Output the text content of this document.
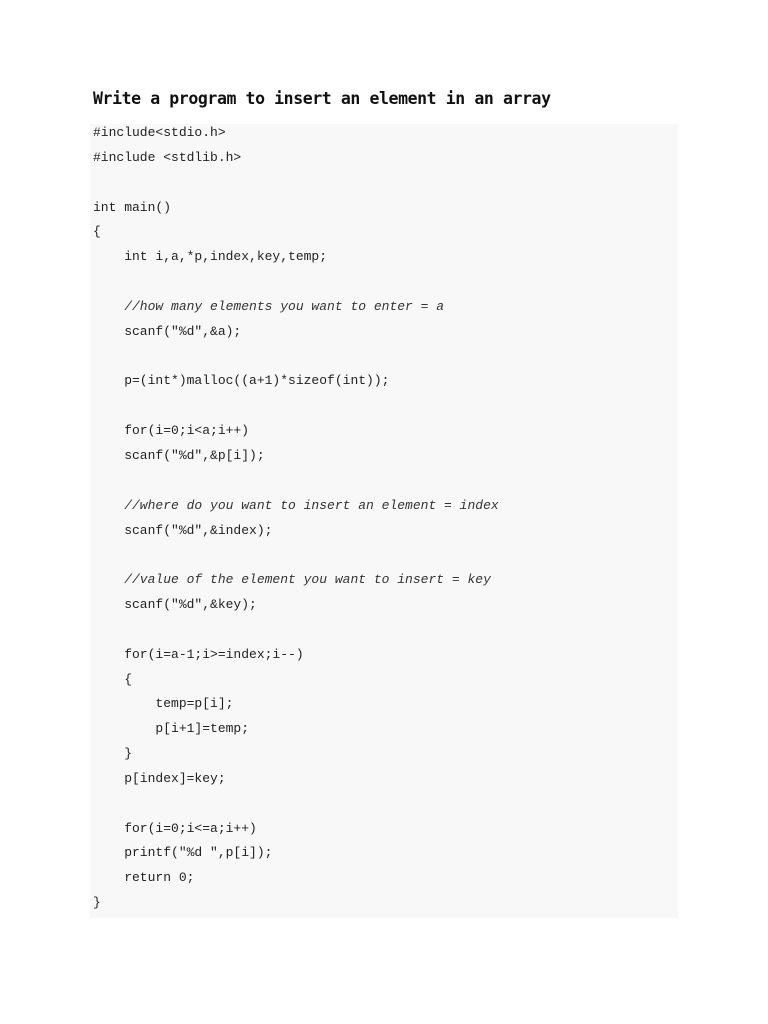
Write a program to insert an element in an array
#include<stdio.h>
#include <stdlib.h>
int main()
{
int i,a,*p,index,key,temp;
//how many elements you want to enter = a
scanf("%d",&a);
p=(int*)malloc((a+1)*sizeof(int));
for(i=0;i<a;i++)
scanf("%d",&p[i]);
//where do you want to insert an element = index
scanf("%d",&index);
//value of the element you want to insert = key
scanf("%d",&key);
for(i=a-1;i>=index;i--)
{
temp=p[i];
p[i+1]=temp;
}
p[index]=key;
for(i=0;i<=a;i++)
printf("%d ",p[i]);
return 0;
}
